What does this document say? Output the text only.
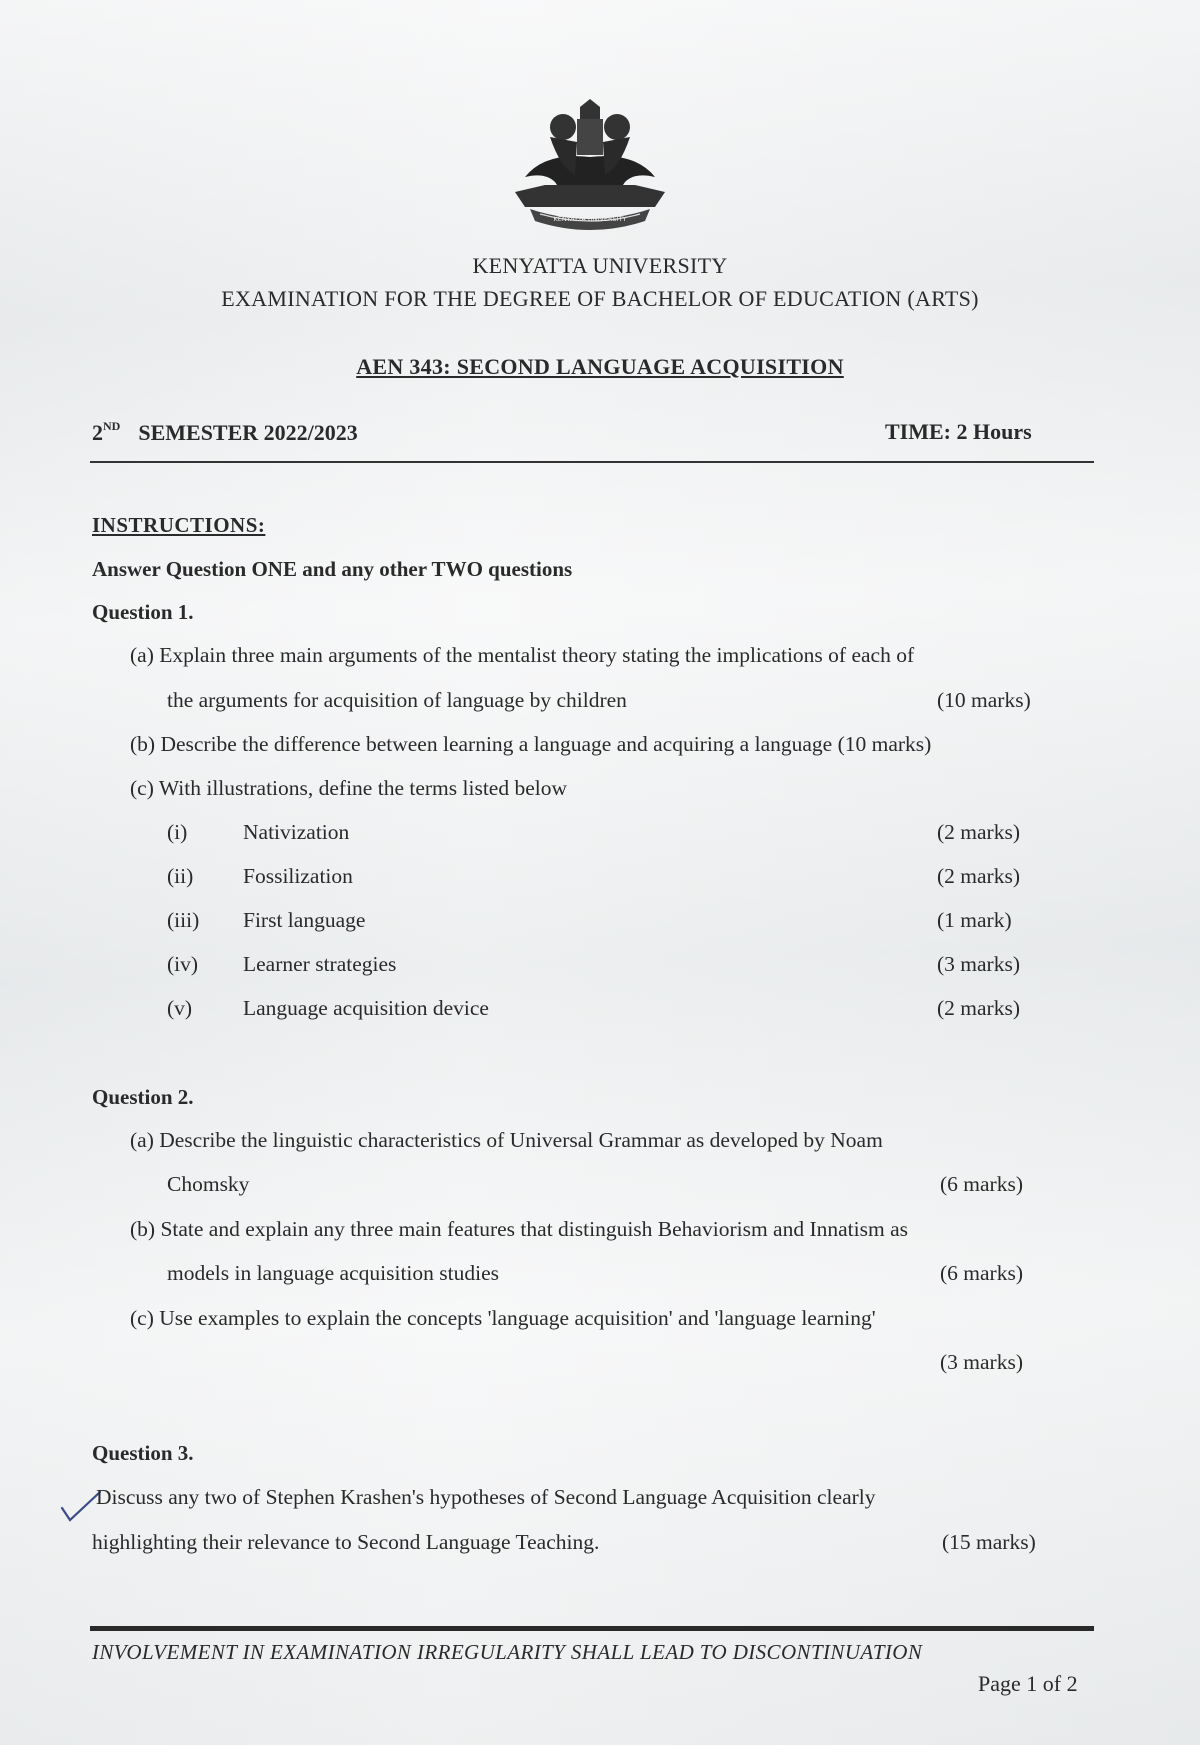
KENYATTA UNIVERSITY
KENYATTA UNIVERSITY
EXAMINATION FOR THE DEGREE OF BACHELOR OF EDUCATION (ARTS)
AEN 343: SECOND LANGUAGE ACQUISITION
2ND SEMESTER 2022/2023	TIME: 2 Hours
INSTRUCTIONS:
Answer Question ONE and any other TWO questions
Question 1.
(a) Explain three main arguments of the mentalist theory stating the implications of each of
the arguments for acquisition of language by children	(10 marks)
(b) Describe the difference between learning a language and acquiring a language (10 marks)
(c) With illustrations, define the terms listed below
(i)	Nativization	(2 marks)
(ii) Fossilization	(2 marks)
(iii) First language	(1 mark)
(iv) Learner strategies	(3 marks)
(v) Language acquisition device	(2 marks)
Question 2.
(a) Describe the linguistic characteristics of Universal Grammar as developed by Noam
Chomsky	(6 marks)
(b) State and explain any three main features that distinguish Behaviorism and Innatism as
models in language acquisition studies	(6 marks)
(c) Use examples to explain the concepts 'language acquisition' and 'language learning'
(3 marks)
Question 3.
Discuss any two of Stephen Krashen's hypotheses of Second Language Acquisition clearly
highlighting their relevance to Second Language Teaching.	(15 marks)
INVOLVEMENT IN EXAMINATION IRREGULARITY SHALL LEAD TO DISCONTINUATION
Page 1 of 2
